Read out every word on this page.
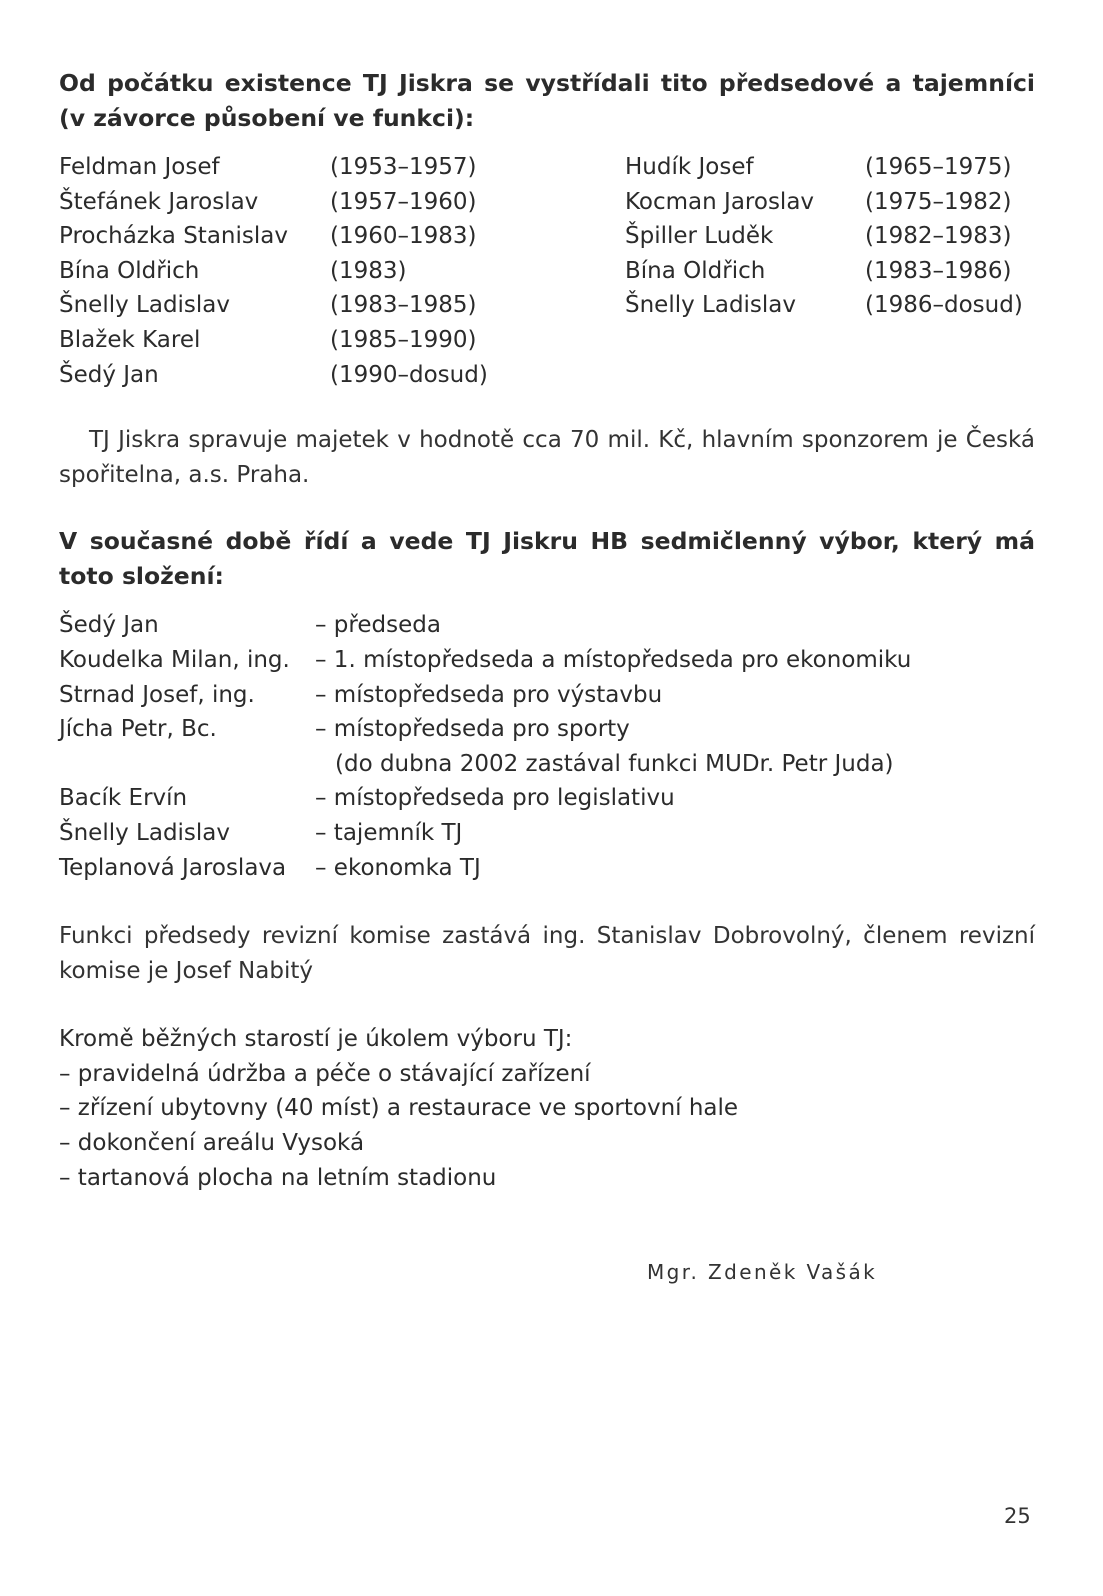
Od počátku existence TJ Jiskra se vystřídali tito předsedové a tajemníci (v závorce působení ve funkci):

Feldman Josef	(1953–1957)
Štefánek Jaroslav	(1957–1960)
Procházka Stanislav	(1960–1983)
Bína Oldřich	(1983)
Šnelly Ladislav	(1983–1985)
Blažek Karel	(1985–1990)
Šedý Jan	(1990–dosud)
Hudík Josef	(1965–1975)
Kocman Jaroslav	(1975–1982)
Špiller Luděk	(1982–1983)
Bína Oldřich	(1983–1986)
Šnelly Ladislav	(1986–dosud)

TJ Jiskra spravuje majetek v hodnotě cca 70 mil. Kč, hlavním sponzorem je Česká spořitelna, a.s. Praha.

V současné době řídí a vede TJ Jiskru HB sedmičlenný výbor, který má toto složení:

Šedý Jan	– předseda
Koudelka Milan, ing.	– 1. místopředseda a místopředseda pro ekonomiku
Strnad Josef, ing.	– místopředseda pro výstavbu
Jícha Petr, Bc.	– místopředseda pro sporty
(do dubna 2002 zastával funkci MUDr. Petr Juda)
Bacík Ervín	– místopředseda pro legislativu
Šnelly Ladislav	– tajemník TJ
Teplanová Jaroslava	– ekonomka TJ

Funkci předsedy revizní komise zastává ing. Stanislav Dobrovolný, členem revizní komise je Josef Nabitý

Kromě běžných starostí je úkolem výboru TJ:
– pravidelná údržba a péče o stávající zařízení
– zřízení ubytovny (40 míst) a restaurace ve sportovní hale
– dokončení areálu Vysoká
– tartanová plocha na letním stadionu
Mgr. Zdeněk Vašák
25
